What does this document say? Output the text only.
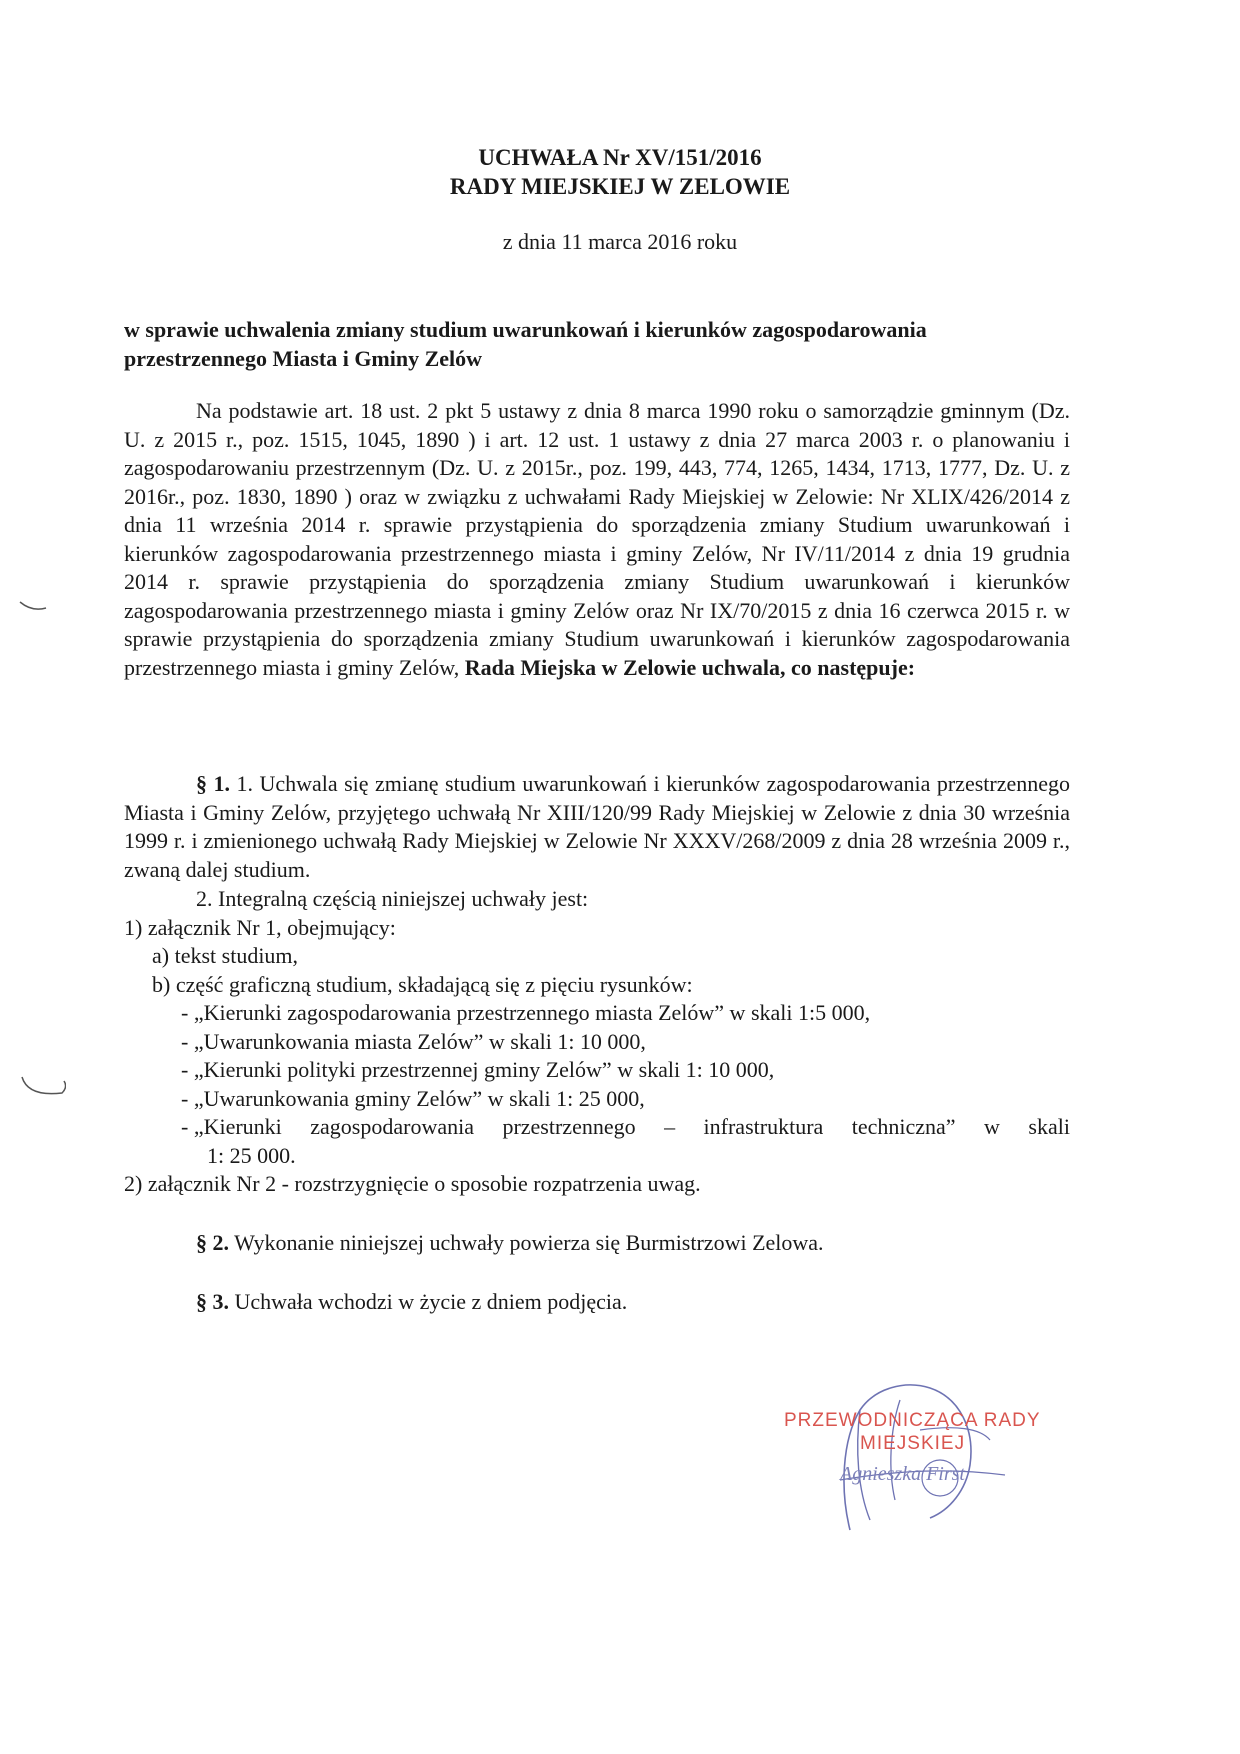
UCHWAŁA Nr XV/151/2016
RADY MIEJSKIEJ W ZELOWIE
z dnia 11 marca 2016 roku
w sprawie uchwalenia zmiany studium uwarunkowań i kierunków zagospodarowania przestrzennego Miasta i Gminy Zelów
Na podstawie art. 18 ust. 2 pkt 5 ustawy z dnia 8 marca 1990 roku o samorządzie gminnym (Dz. U. z 2015 r., poz. 1515, 1045, 1890 ) i art. 12 ust. 1 ustawy z dnia 27 marca 2003 r. o planowaniu i zagospodarowaniu przestrzennym (Dz. U. z 2015r., poz. 199, 443, 774, 1265, 1434, 1713, 1777, Dz. U. z 2016r., poz. 1830, 1890 ) oraz w związku z uchwałami Rady Miejskiej w Zelowie: Nr XLIX/426/2014 z dnia 11 września 2014 r. sprawie przystąpienia do sporządzenia zmiany Studium uwarunkowań i kierunków zagospodarowania przestrzennego miasta i gminy Zelów, Nr IV/11/2014 z dnia 19 grudnia 2014 r. sprawie przystąpienia do sporządzenia zmiany Studium uwarunkowań i kierunków zagospodarowania przestrzennego miasta i gminy Zelów oraz Nr IX/70/2015 z dnia 16 czerwca 2015 r. w sprawie przystąpienia do sporządzenia zmiany Studium uwarunkowań i kierunków zagospodarowania przestrzennego miasta i gminy Zelów, Rada Miejska w Zelowie uchwala, co następuje:
§ 1. 1. Uchwala się zmianę studium uwarunkowań i kierunków zagospodarowania przestrzennego Miasta i Gminy Zelów, przyjętego uchwałą Nr XIII/120/99 Rady Miejskiej w Zelowie z dnia 30 września 1999 r. i zmienionego uchwałą Rady Miejskiej w Zelowie Nr XXXV/268/2009 z dnia 28 września 2009 r., zwaną dalej studium.
2. Integralną częścią niniejszej uchwały jest:
1) załącznik Nr 1, obejmujący:
a) tekst studium,
b) część graficzną studium, składającą się z pięciu rysunków:
- „Kierunki zagospodarowania przestrzennego miasta Zelów” w skali 1:5 000,
- „Uwarunkowania miasta Zelów” w skali 1: 10 000,
- „Kierunki polityki przestrzennej gminy Zelów” w skali 1: 10 000,
- „Uwarunkowania gminy Zelów” w skali 1: 25 000,
- „Kierunki zagospodarowania przestrzennego – infrastruktura techniczna” w skali
1: 25 000.
2) załącznik Nr 2 - rozstrzygnięcie o sposobie rozpatrzenia uwag.
§ 2. Wykonanie niniejszej uchwały powierza się Burmistrzowi Zelowa.
§ 3. Uchwała wchodzi w życie z dniem podjęcia.
PRZEWODNICZĄCA RADY
MIEJSKIEJ
Agnieszka First
